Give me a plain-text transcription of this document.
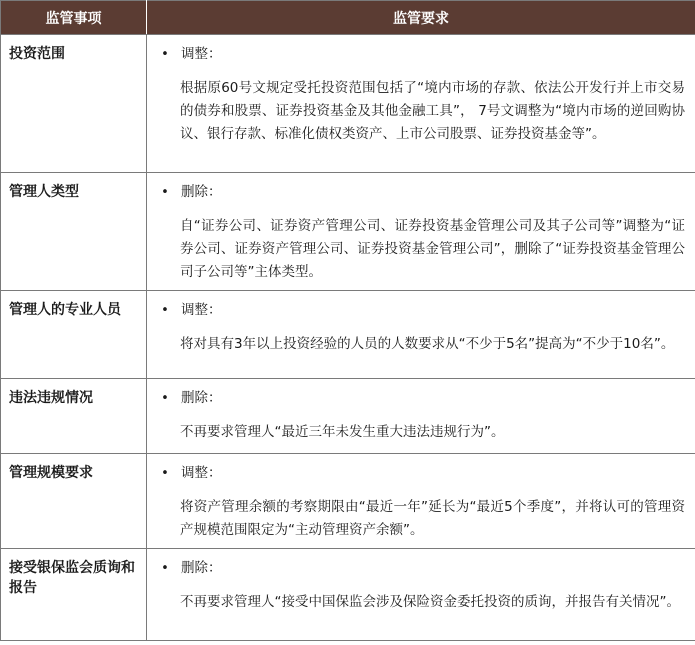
监管事项	监管要求
投资范围	• 调整：
根据原60号文规定受托投资范围包括了“境内市场的存款、依法公开发行并上市交易的债券和股票、证券投资基金及其他金融工具”， 7号文调整为“境内市场的逆回购协议、银行存款、标准化债权类资产、上市公司股票、证券投资基金等”。

管理人类型	• 删除：
自“证券公司、证券资产管理公司、证券投资基金管理公司及其子公司等”调整为“证券公司、证券资产管理公司、证券投资基金管理公司”，删除了“证券投资基金管理公司子公司等”主体类型。

管理人的专业人员	• 调整：
将对具有3年以上投资经验的人员的人数要求从“不少于5名”提高为“不少于10名”。

违法违规情况	• 删除：
不再要求管理人“最近三年未发生重大违法违规行为”。

管理规模要求	• 调整：
将资产管理余额的考察期限由“最近一年”延长为“最近5个季度”，并将认可的管理资产规模范围限定为“主动管理资产余额”。

接受银保监会质询和报告	• 删除：
不再要求管理人“接受中国保监会涉及保险资金委托投资的质询，并报告有关情况”。
